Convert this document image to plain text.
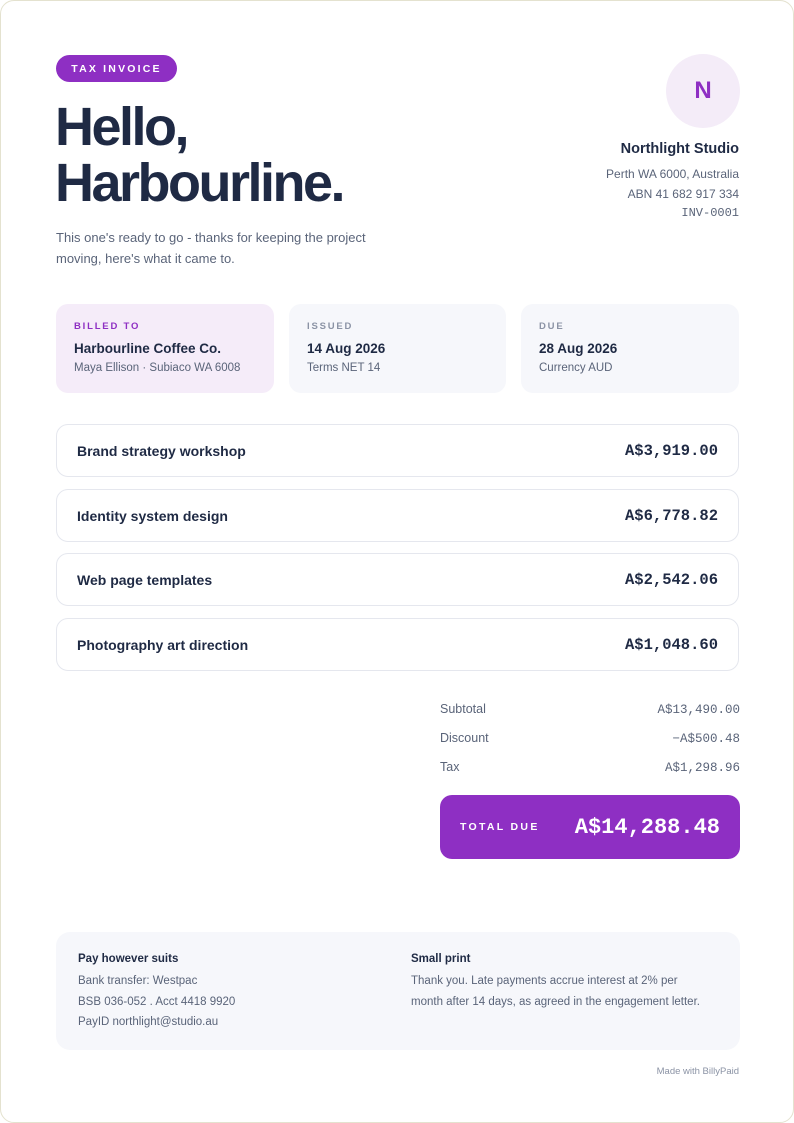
TAX INVOICE
Hello,
Harbourline.
This one's ready to go - thanks for keeping the project moving, here's what it came to.
N
Northlight Studio
Perth WA 6000, Australia
ABN 41 682 917 334
INV-0001
BILLED TO
Harbourline Coffee Co.
Maya Ellison · Subiaco WA 6008
ISSUED
14 Aug 2026
Terms NET 14
DUE
28 Aug 2026
Currency AUD
Brand strategy workshop	A$3,919.00
Identity system design	A$6,778.82
Web page templates	A$2,542.06
Photography art direction	A$1,048.60
Subtotal	A$13,490.00
Discount	−A$500.48
Tax	A$1,298.96
TOTAL DUE A$14,288.48
Pay however suits
Bank transfer: Westpac
BSB 036-052 . Acct 4418 9920
PayID northlight@studio.au
Small print
Thank you. Late payments accrue interest at 2% per month after 14 days, as agreed in the engagement letter.
Made with BillyPaid
